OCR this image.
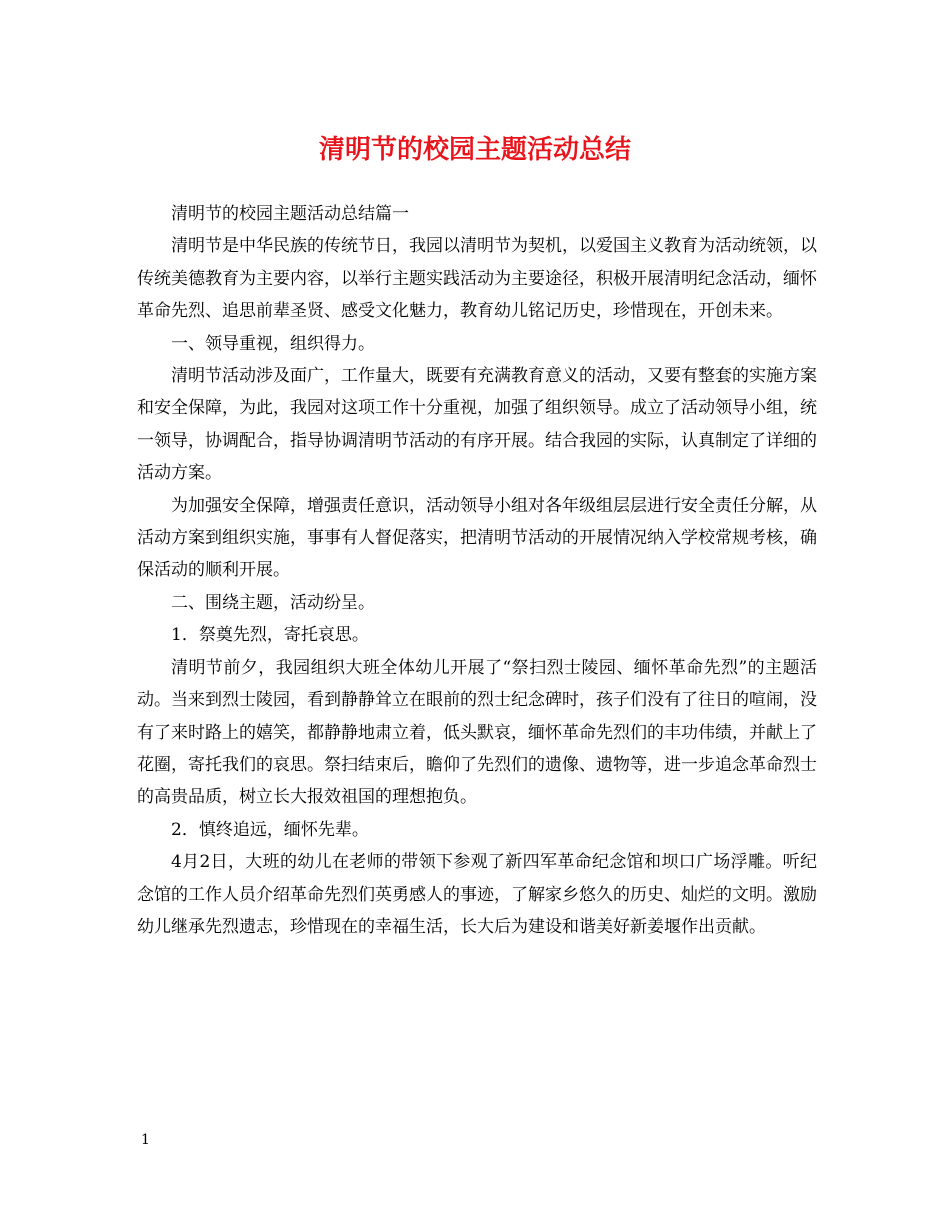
清明节的校园主题活动总结

清明节的校园主题活动总结篇一

清明节是中华民族的传统节日，我园以清明节为契机，以爱国主义教育为活动统领，以传统美德教育为主要内容，以举行主题实践活动为主要途径，积极开展清明纪念活动，缅怀革命先烈、追思前辈圣贤、感受文化魅力，教育幼儿铭记历史，珍惜现在，开创未来。

一、领导重视，组织得力。

清明节活动涉及面广，工作量大，既要有充满教育意义的活动，又要有整套的实施方案和安全保障，为此，我园对这项工作十分重视，加强了组织领导。成立了活动领导小组，统一领导，协调配合，指导协调清明节活动的有序开展。结合我园的实际，认真制定了详细的活动方案。

为加强安全保障，增强责任意识，活动领导小组对各年级组层层进行安全责任分解，从活动方案到组织实施，事事有人督促落实，把清明节活动的开展情况纳入学校常规考核，确保活动的顺利开展。

二、围绕主题，活动纷呈。

1．祭奠先烈，寄托哀思。

清明节前夕，我园组织大班全体幼儿开展了“祭扫烈士陵园、缅怀革命先烈”的主题活动。当来到烈士陵园，看到静静耸立在眼前的烈士纪念碑时，孩子们没有了往日的喧闹，没有了来时路上的嬉笑，都静静地肃立着，低头默哀，缅怀革命先烈们的丰功伟绩，并献上了花圈，寄托我们的哀思。祭扫结束后，瞻仰了先烈们的遗像、遗物等，进一步追念革命烈士的高贵品质，树立长大报效祖国的理想抱负。

2．慎终追远，缅怀先辈。

4月2日，大班的幼儿在老师的带领下参观了新四军革命纪念馆和坝口广场浮雕。听纪念馆的工作人员介绍革命先烈们英勇感人的事迹，了解家乡悠久的历史、灿烂的文明。激励幼儿继承先烈遗志，珍惜现在的幸福生活，长大后为建设和谐美好新姜堰作出贡献。

1
